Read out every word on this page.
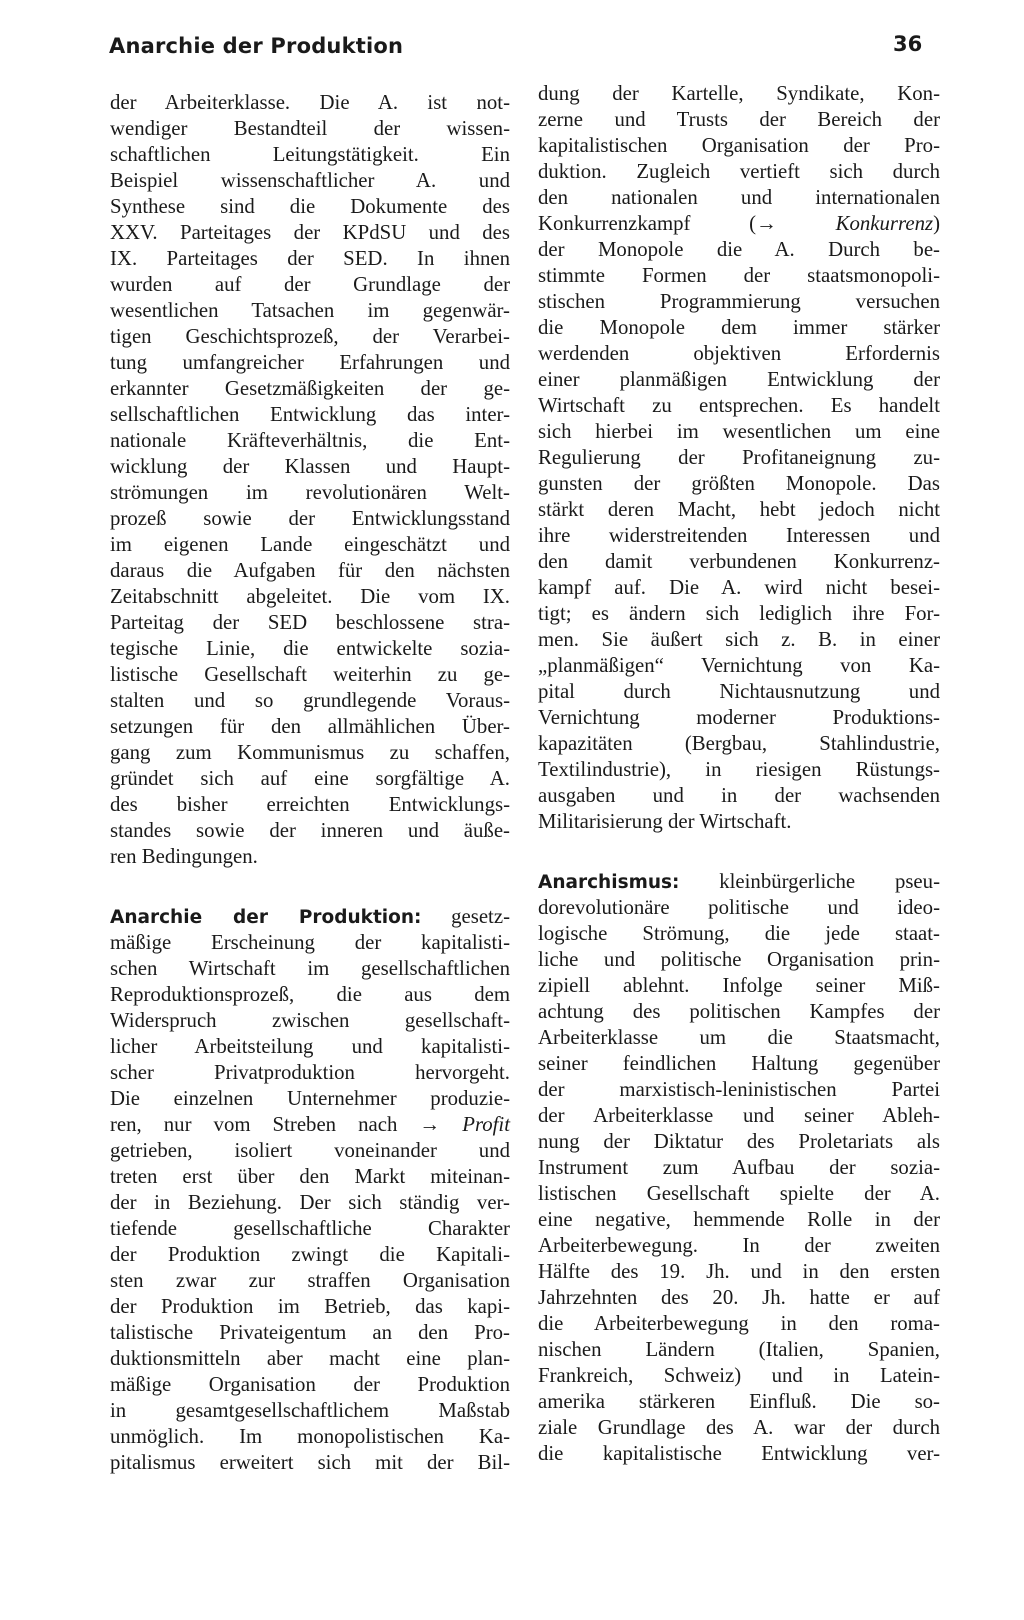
Anarchie der Produktion	36
der Arbeiterklasse. Die A. ist not-
wendiger Bestandteil der wissen-
schaftlichen Leitungstätigkeit. Ein
Beispiel wissenschaftlicher A. und
Synthese sind die Dokumente des
XXV. Parteitages der KPdSU und des
IX. Parteitages der SED. In ihnen
wurden auf der Grundlage der
wesentlichen Tatsachen im gegenwär-
tigen Geschichtsprozeß, der Verarbei-
tung umfangreicher Erfahrungen und
erkannter Gesetzmäßigkeiten der ge-
sellschaftlichen Entwicklung das inter-
nationale Kräfteverhältnis, die Ent-
wicklung der Klassen und Haupt-
strömungen im revolutionären Welt-
prozeß sowie der Entwicklungsstand
im eigenen Lande eingeschätzt und
daraus die Aufgaben für den nächsten
Zeitabschnitt abgeleitet. Die vom IX.
Parteitag der SED beschlossene stra-
tegische Linie, die entwickelte sozia-
listische Gesellschaft weiterhin zu ge-
stalten und so grundlegende Voraus-
setzungen für den allmählichen Über-
gang zum Kommunismus zu schaffen,
gründet sich auf eine sorgfältige A.
des bisher erreichten Entwicklungs-
standes sowie der inneren und äuße-
ren Bedingungen.
Anarchie der Produktion: gesetz-
mäßige Erscheinung der kapitalisti-
schen Wirtschaft im gesellschaftlichen
Reproduktionsprozeß, die aus dem
Widerspruch zwischen gesellschaft-
licher Arbeitsteilung und kapitalisti-
scher Privatproduktion hervorgeht.
Die einzelnen Unternehmer produzie-
ren, nur vom Streben nach → Profit
getrieben, isoliert voneinander und
treten erst über den Markt miteinan-
der in Beziehung. Der sich ständig ver-
tiefende gesellschaftliche Charakter
der Produktion zwingt die Kapitali-
sten zwar zur straffen Organisation
der Produktion im Betrieb, das kapi-
talistische Privateigentum an den Pro-
duktionsmitteln aber macht eine plan-
mäßige Organisation der Produktion
in gesamtgesellschaftlichem Maßstab
unmöglich. Im monopolistischen Ka-
pitalismus erweitert sich mit der Bil-
dung der Kartelle, Syndikate, Kon-
zerne und Trusts der Bereich der
kapitalistischen Organisation der Pro-
duktion. Zugleich vertieft sich durch
den nationalen und internationalen
Konkurrenzkampf (→ Konkurrenz)
der Monopole die A. Durch be-
stimmte Formen der staatsmonopoli-
stischen Programmierung versuchen
die Monopole dem immer stärker
werdenden objektiven Erfordernis
einer planmäßigen Entwicklung der
Wirtschaft zu entsprechen. Es handelt
sich hierbei im wesentlichen um eine
Regulierung der Profitaneignung zu-
gunsten der größten Monopole. Das
stärkt deren Macht, hebt jedoch nicht
ihre widerstreitenden Interessen und
den damit verbundenen Konkurrenz-
kampf auf. Die A. wird nicht besei-
tigt; es ändern sich lediglich ihre For-
men. Sie äußert sich z. B. in einer
„planmäßigen“ Vernichtung von Ka-
pital durch Nichtausnutzung und
Vernichtung moderner Produktions-
kapazitäten (Bergbau, Stahlindustrie,
Textilindustrie), in riesigen Rüstungs-
ausgaben und in der wachsenden
Militarisierung der Wirtschaft.
Anarchismus: kleinbürgerliche pseu-
dorevolutionäre politische und ideo-
logische Strömung, die jede staat-
liche und politische Organisation prin-
zipiell ablehnt. Infolge seiner Miß-
achtung des politischen Kampfes der
Arbeiterklasse um die Staatsmacht,
seiner feindlichen Haltung gegenüber
der marxistisch-leninistischen Partei
der Arbeiterklasse und seiner Ableh-
nung der Diktatur des Proletariats als
Instrument zum Aufbau der sozia-
listischen Gesellschaft spielte der A.
eine negative, hemmende Rolle in der
Arbeiterbewegung. In der zweiten
Hälfte des 19. Jh. und in den ersten
Jahrzehnten des 20. Jh. hatte er auf
die Arbeiterbewegung in den roma-
nischen Ländern (Italien, Spanien,
Frankreich, Schweiz) und in Latein-
amerika stärkeren Einfluß. Die so-
ziale Grundlage des A. war der durch
die kapitalistische Entwicklung ver-
